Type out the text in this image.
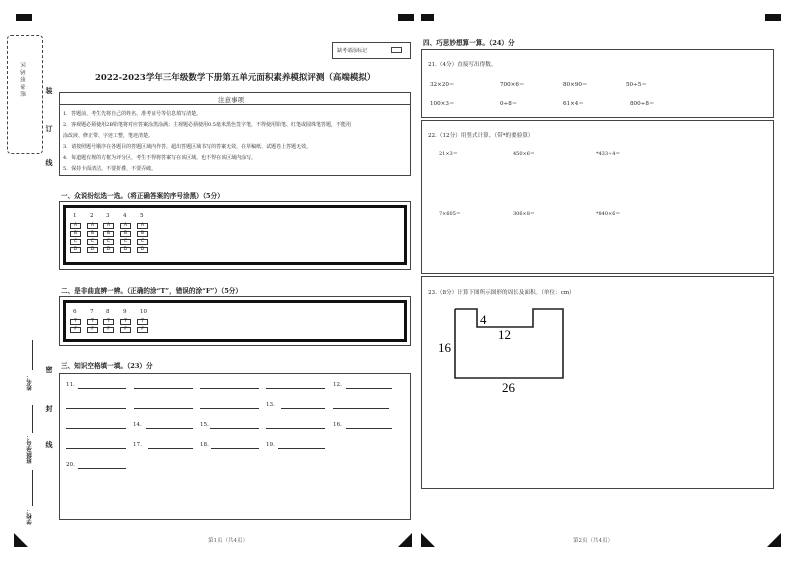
贴 条 形 码 区	装
订
线
密
封
线
姓名：
班级/学号：
学校：
缺考请涂标记
2022-2023学年三年级数学下册第五单元面积素养模拟评测（高端模拟）
注意事项
1．答题前，考生先将自己的姓名、准考证号等信息填写清楚。
2．客观题必须使用2B铅笔将对应答案涂黑涂满；主观题必须使用0.5毫米黑色签字笔，不得使用铅笔、红笔或圆珠笔答题，不能用
涂改液、修正带、字迹工整，笔迹清楚。
3．请按照题号顺序在各题目的答题区域内作答，超出答题区域书写的答案无效，在草稿纸、试题卷上答题无效。
4．每道题有规的方框为评分区，考生不得将答案写在该区域，也不得在该区域内涂写。
5．保持卡面清洁，不要折叠，不要弄破。
一、众说纷纭选一选。（将正确答案的序号涂黑）（5分）
二、是非曲直辨一辨。（正确的涂“T”，错误的涂“F”）（5分）
三、知识空格填一填。（23）分
第1页（共4页）
四、巧思妙想算一算。（24）分
21.（4分）直接写出得数。
22.（12分）用竖式计算。（带*的要验算）
23.（8分）计算下图所示图形的周长及面积。（单位：cm）
16
4
12
26
第2页（共4页）
1
A
B
C
D
2
A
B
C
D
3
A
B
C
D
4
A
B
C
D
5
A
B
C
D
6
T
F
7
T
F
8
T
F
9
T
F
10
T
F
11.	12.
13.
14.	15.	16.
17.	18.	19.
20.
32×20＝	700×6＝	80×90＝	50÷5＝
100×3＝	0÷8＝	61×4＝	800÷8＝
21×3＝	450×6＝	*433÷4＝
7×605＝	306×8＝	*840×6＝
